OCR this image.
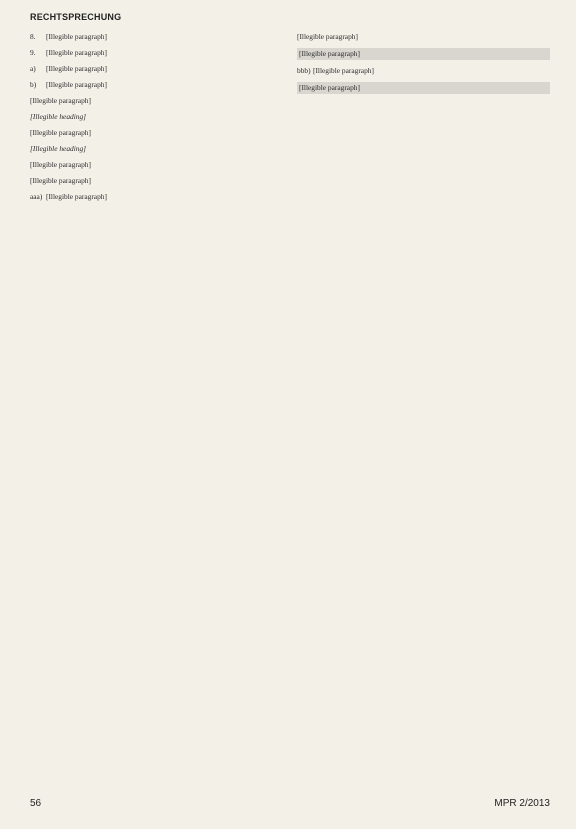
RECHTSPRECHUNG
8.	[Illegible paragraph]
9.	[Illegible paragraph]
a)	[Illegible paragraph]
b)	[Illegible paragraph]

[Illegible paragraph]

[Illegible heading]

[Illegible paragraph]

[Illegible heading]

[Illegible paragraph]

[Illegible paragraph]

aaa) [Illegible paragraph]

[Illegible paragraph]

[Illegible paragraph]

bbb) [Illegible paragraph]

[Illegible paragraph]

56	MPR 2/2013
